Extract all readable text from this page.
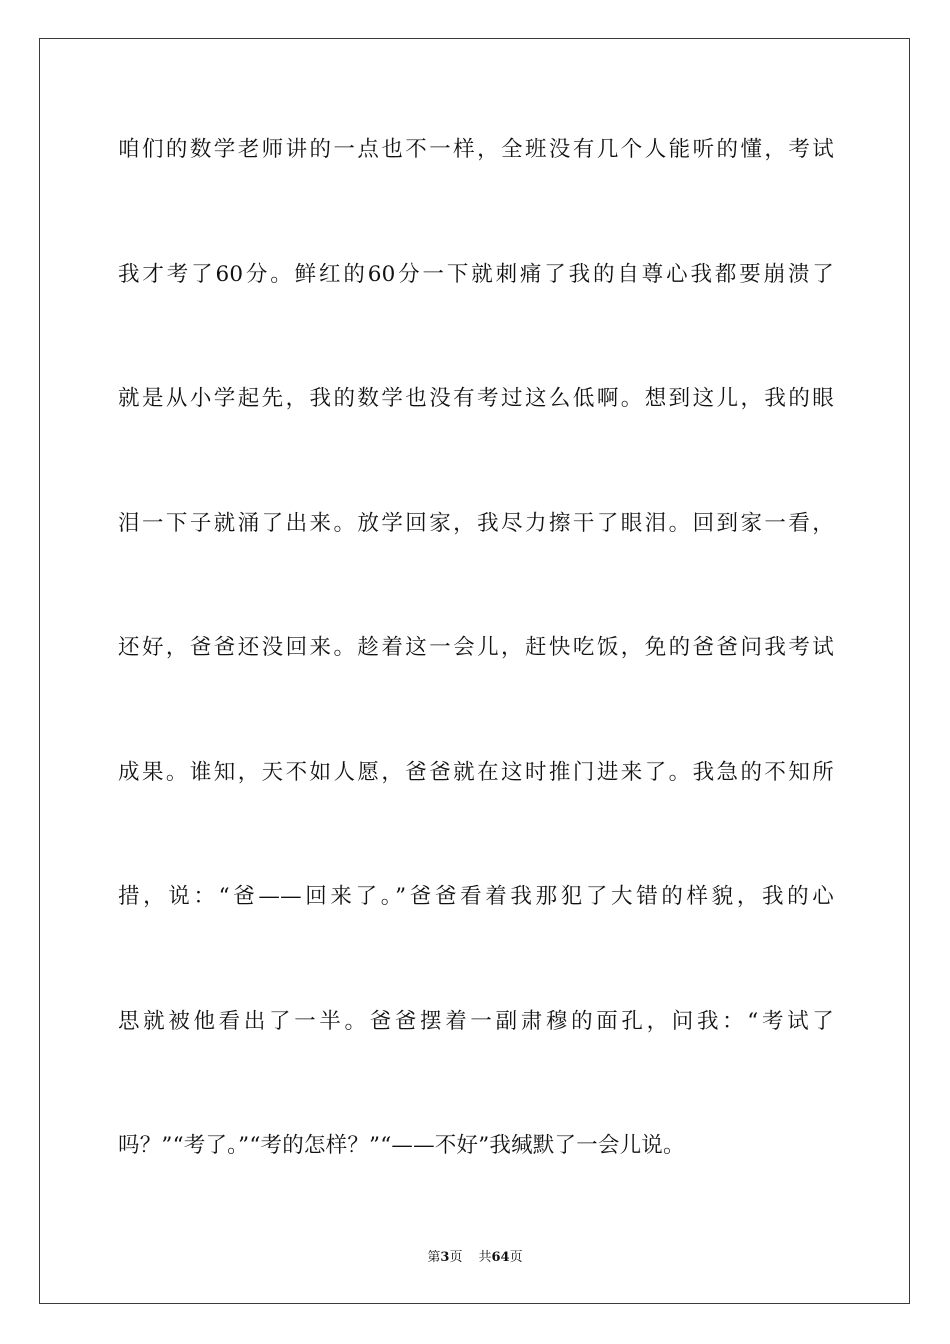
咱们的数学老师讲的一点也不一样，全班没有几个人能听的懂，考试
我才考了60分。鲜红的60分一下就刺痛了我的自尊心我都要崩溃了
就是从小学起先，我的数学也没有考过这么低啊。想到这儿，我的眼
泪一下子就涌了出来。放学回家，我尽力擦干了眼泪。回到家一看，
还好，爸爸还没回来。趁着这一会儿，赶快吃饭，免的爸爸问我考试
成果。谁知，天不如人愿，爸爸就在这时推门进来了。我急的不知所
措，说：“爸——回来了。”爸爸看着我那犯了大错的样貌，我的心
思就被他看出了一半。爸爸摆着一副肃穆的面孔，问我：“考试了
吗？”“考了。”“考的怎样？”“——不好”我缄默了一会儿说。
第3页 共64页
